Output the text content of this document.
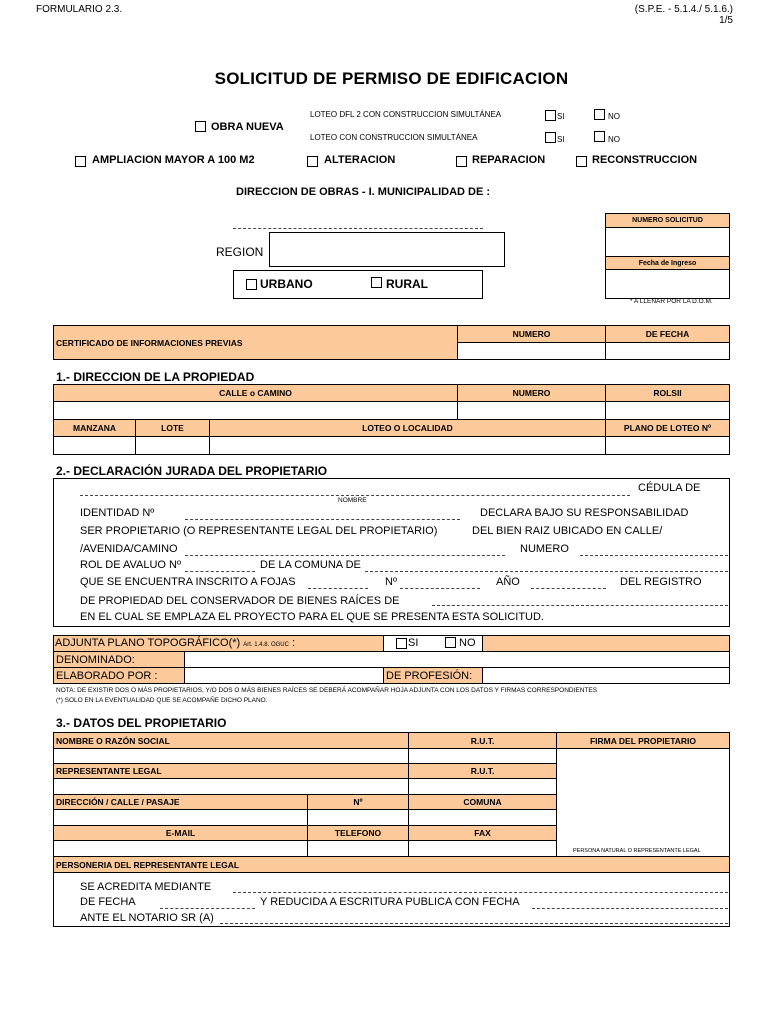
FORMULARIO 2.3.	(S.P.E. - 5.1.4./ 5.1.6.)
1/5
SOLICITUD DE PERMISO DE EDIFICACION
OBRA NUEVA
LOTEO DFL 2 CON CONSTRUCCION SIMULTÁNEA	SI	NO
LOTEO CON CONSTRUCCION SIMULTÁNEA	SI	NO
AMPLIACION MAYOR A 100 M2	ALTERACION	REPARACION	RECONSTRUCCION
DIRECCION DE OBRAS - I. MUNICIPALIDAD DE :
REGION
URBANO	RURAL
NUMERO SOLICITUD
Fecha de Ingreso
* A LLENAR POR LA D.O.M.
CERTIFICADO DE INFORMACIONES PREVIAS
NUMERO	DE FECHA
1.- DIRECCION DE LA PROPIEDAD
CALLE o CAMINO	NUMERO	ROLSII
MANZANA	LOTE	LOTEO O LOCALIDAD	PLANO DE LOTEO Nº
2.- DECLARACIÓN JURADA DEL PROPIETARIO
CÉDULA DE
NOMBRE
IDENTIDAD Nº	DECLARA BAJO SU RESPONSABILIDAD
SER PROPIETARIO (O REPRESENTANTE LEGAL DEL PROPIETARIO)	DEL BIEN RAIZ UBICADO EN CALLE/
/AVENIDA/CAMINO	NUMERO
ROL DE AVALUO Nº	DE LA COMUNA DE
QUE SE ENCUENTRA INSCRITO A FOJAS	Nº	AÑO	DEL REGISTRO
DE PROPIEDAD DEL CONSERVADOR DE BIENES RAÍCES DE
EN EL CUAL SE EMPLAZA EL PROYECTO PARA EL QUE SE PRESENTA ESTA SOLICITUD.
ADJUNTA PLANO TOPOGRÁFICO(*) Art. 1.4.8. OGUC :	SI	NO
DENOMINADO:
ELABORADO POR :	DE PROFESIÓN:
NOTA: DE EXISTIR DOS O MÁS PROPIETARIOS, Y/O DOS O MÁS BIENES RAÍCES SE DEBERÁ ACOMPAÑAR HOJA ADJUNTA CON LOS DATOS Y FIRMAS CORRESPONDIENTES
(*) SOLO EN LA EVENTUALIDAD QUE SE ACOMPAÑE DICHO PLANO.
3.- DATOS DEL PROPIETARIO
NOMBRE O RAZÓN SOCIAL	R.U.T.	FIRMA DEL PROPIETARIO
REPRESENTANTE LEGAL	R.U.T.
DIRECCIÓN / CALLE / PASAJE	Nº	COMUNA
E-MAIL	TELEFONO	FAX
PERSONA NATURAL O REPRESENTANTE LEGAL
PERSONERIA DEL REPRESENTANTE LEGAL
SE ACREDITA MEDIANTE
DE FECHA	Y REDUCIDA A ESCRITURA PUBLICA CON FECHA
ANTE EL NOTARIO SR (A)
